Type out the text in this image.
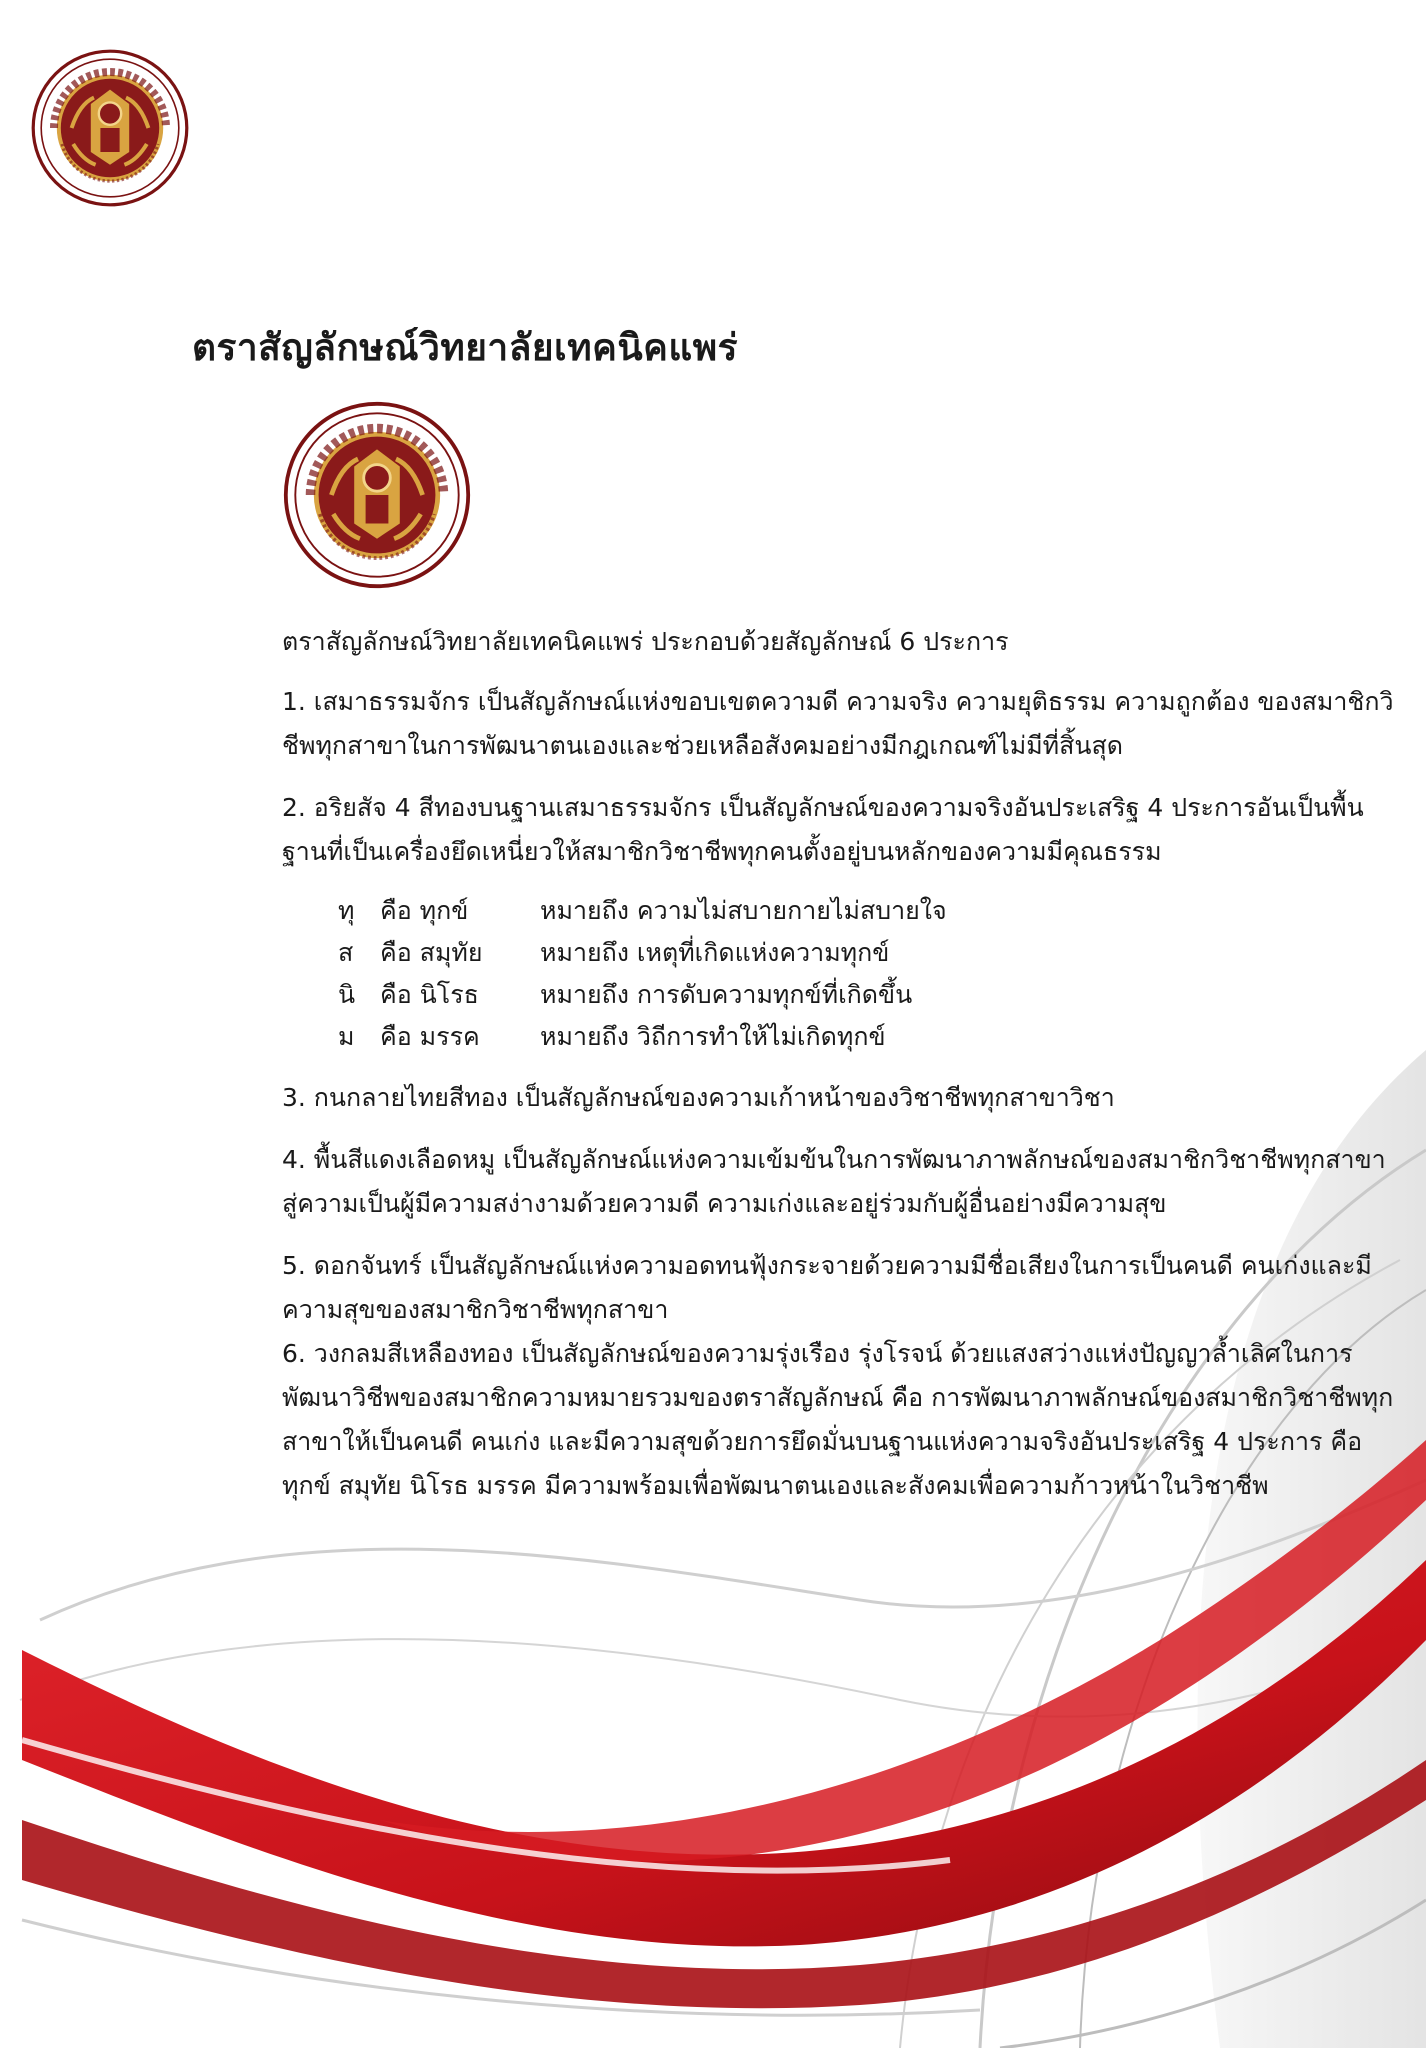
ตราสัญลักษณ์วิทยาลัยเทคนิคแพร่

ตราสัญลักษณ์วิทยาลัยเทคนิคแพร่ ประกอบด้วยสัญลักษณ์ 6 ประการ

1. เสมาธรรมจักร เป็นสัญลักษณ์แห่งขอบเขตความดี ความจริง ความยุติธรรม ความถูกต้อง ของสมาชิกวิชีพทุกสาขาในการพัฒนาตนเองและช่วยเหลือสังคมอย่างมีกฎเกณฑ์ไม่มีที่สิ้นสุด

2. อริยสัจ 4 สีทองบนฐานเสมาธรรมจักร เป็นสัญลักษณ์ของความจริงอันประเสริฐ 4 ประการอันเป็นพื้นฐานที่เป็นเครื่องยึดเหนี่ยวให้สมาชิกวิชาชีพทุกคนตั้งอยู่บนหลักของความมีคุณธรรม

ทุ	คือ ทุกข์	หมายถึง ความไม่สบายกายไม่สบายใจ
ส	คือ สมุทัย	หมายถึง เหตุที่เกิดแห่งความทุกข์
นิ คือ นิโรธ	หมายถึง การดับความทุกข์ที่เกิดขึ้น
ม	คือ มรรค	หมายถึง วิถีการทำให้ไม่เกิดทุกข์

3. กนกลายไทยสีทอง เป็นสัญลักษณ์ของความเก้าหน้าของวิชาชีพทุกสาขาวิชา

4. พื้นสีแดงเลือดหมู เป็นสัญลักษณ์แห่งความเข้มข้นในการพัฒนาภาพลักษณ์ของสมาชิกวิชาชีพทุกสาขา สู่ความเป็นผู้มีความสง่างามด้วยความดี ความเก่งและอยู่ร่วมกับผู้อื่นอย่างมีความสุข

5. ดอกจันทร์ เป็นสัญลักษณ์แห่งความอดทนฟุ้งกระจายด้วยความมีชื่อเสียงในการเป็นคนดี คนเก่งและมีความสุขของสมาชิกวิชาชีพทุกสาขา

6. วงกลมสีเหลืองทอง เป็นสัญลักษณ์ของความรุ่งเรือง รุ่งโรจน์ ด้วยแสงสว่างแห่งปัญญาล้ำเลิศในการพัฒนาวิชีพของสมาชิกความหมายรวมของตราสัญลักษณ์ คือ การพัฒนาภาพลักษณ์ของสมาชิกวิชาชีพทุกสาขาให้เป็นคนดี คนเก่ง และมีความสุขด้วยการยึดมั่นบนฐานแห่งความจริงอันประเสริฐ 4 ประการ คือ ทุกข์ สมุทัย นิโรธ มรรค มีความพร้อมเพื่อพัฒนาตนเองและสังคมเพื่อความก้าวหน้าในวิชาชีพ
